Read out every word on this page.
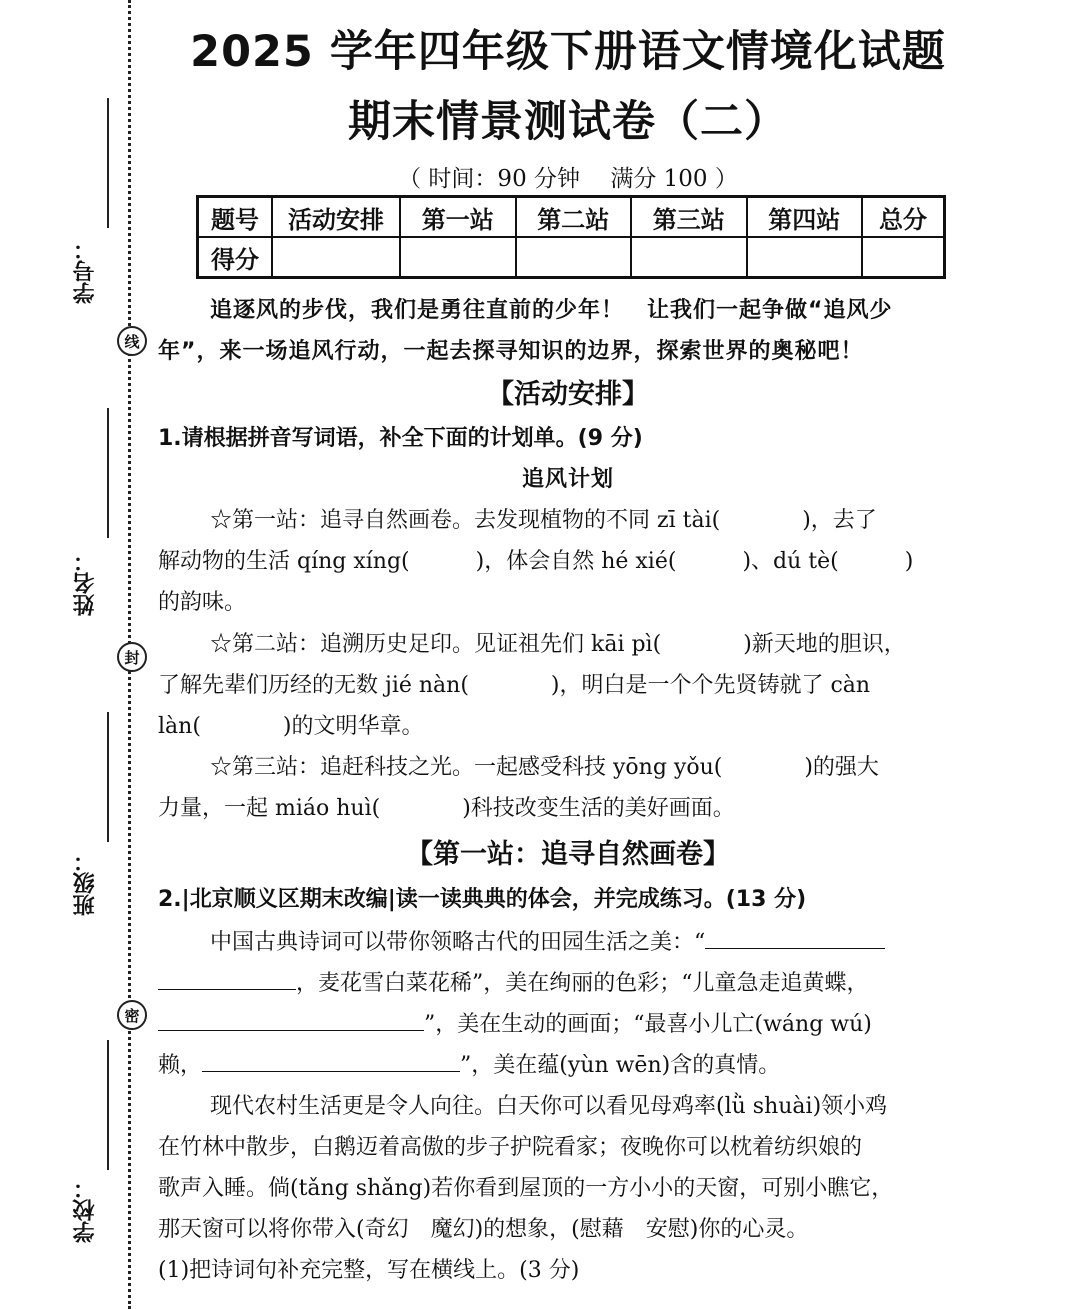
学号：
线
姓名：
封
班级：
密
学校：
2025 学年四年级下册语文情境化试题
期末情景测试卷（二）
（ 时间：90 分钟　 满分 100 ）
题号	活动安排	第一站	第二站	第三站	第四站	总分
得分						
追逐风的步伐，我们是勇往直前的少年！　让我们一起争做“追风少
年”，来一场追风行动，一起去探寻知识的边界，探索世界的奥秘吧！
【活动安排】
1.请根据拼音写词语，补全下面的计划单。(9 分)
追风计划
☆第一站：追寻自然画卷。去发现植物的不同 zī tài(	)，去了
解动物的生活 qíng xíng(	)，体会自然 hé xié(	)、dú tè(	)
的韵味。
☆第二站：追溯历史足印。见证祖先们 kāi pì(	)新天地的胆识，
了解先辈们历经的无数 jié nàn(	)，明白是一个个先贤铸就了 càn
làn(	)的文明华章。
☆第三站：追赶科技之光。一起感受科技 yōng yǒu(	)的强大
力量，一起 miáo huì(	)科技改变生活的美好画面。
【第一站：追寻自然画卷】
2.|北京顺义区期末改编|读一读典典的体会，并完成练习。(13 分)
中国古典诗词可以带你领略古代的田园生活之美：“
，麦花雪白菜花稀”，美在绚丽的色彩；“儿童急走追黄蝶，
”，美在生动的画面；“最喜小儿亡(wáng wú)
赖，	”，美在蕴(yùn wēn)含的真情。
现代农村生活更是令人向往。白天你可以看见母鸡率(lǜ shuài)领小鸡
在竹林中散步，白鹅迈着高傲的步子护院看家；夜晚你可以枕着纺织娘的
歌声入睡。倘(tǎng shǎng)若你看到屋顶的一方小小的天窗，可别小瞧它，
那天窗可以将你带入(奇幻　魔幻)的想象，(慰藉　安慰)你的心灵。
(1)把诗词句补充完整，写在横线上。(3 分)
